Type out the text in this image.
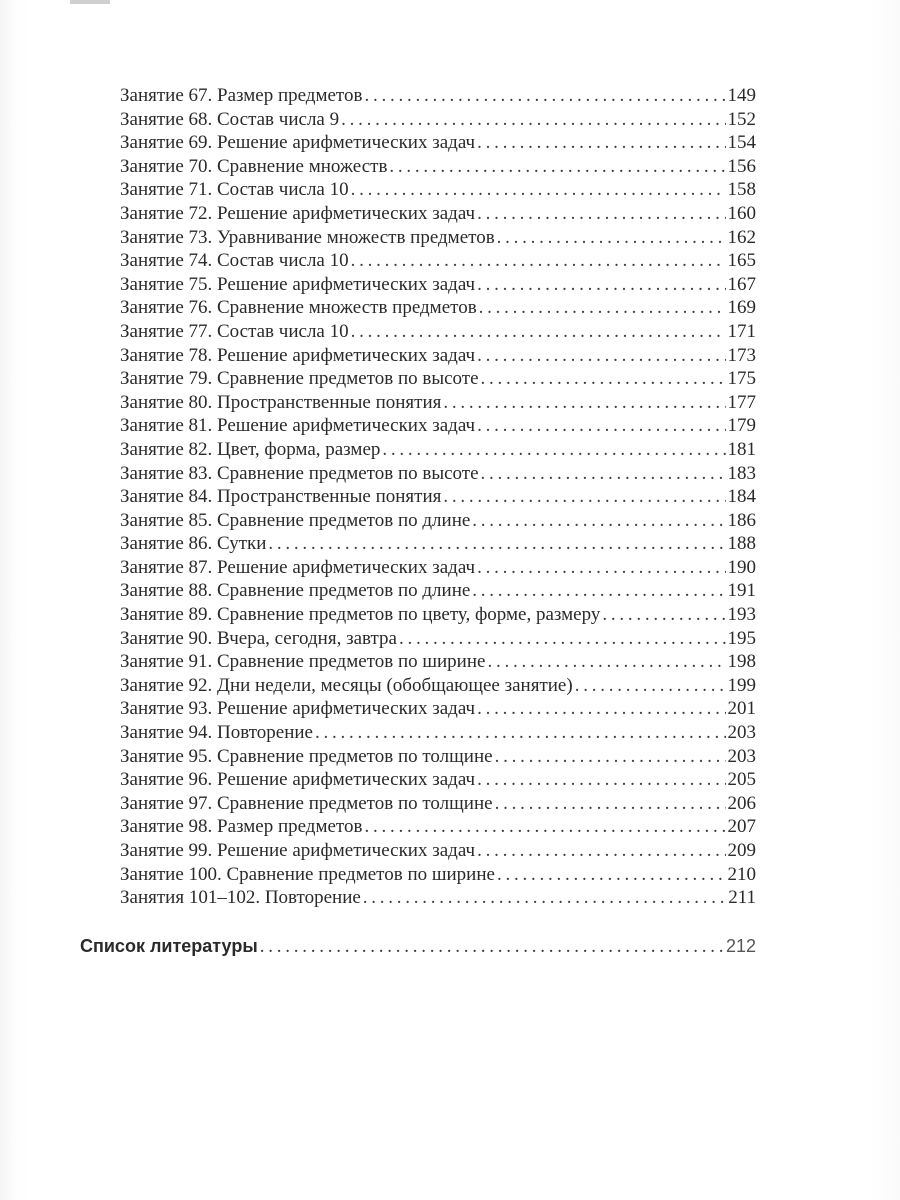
Занятие 67. Размер предметов . . .	149
Занятие 68. Состав числа 9 . . .	152
Занятие 69. Решение арифметических задач . . .	154
Занятие 70. Сравнение множеств . . .	156
Занятие 71. Состав числа 10 . . .	158
Занятие 72. Решение арифметических задач . . .	160
Занятие 73. Уравнивание множеств предметов . . .	162
Занятие 74. Состав числа 10 . . .	165
Занятие 75. Решение арифметических задач . . .	167
Занятие 76. Сравнение множеств предметов . . .	169
Занятие 77. Состав числа 10 . . .	171
Занятие 78. Решение арифметических задач . . .	173
Занятие 79. Сравнение предметов по высоте . . .	175
Занятие 80. Пространственные понятия . . .	177
Занятие 81. Решение арифметических задач . . .	179
Занятие 82. Цвет, форма, размер . . .	181
Занятие 83. Сравнение предметов по высоте . . .	183
Занятие 84. Пространственные понятия . . .	184
Занятие 85. Сравнение предметов по длине . . .	186
Занятие 86. Сутки . . .	188
Занятие 87. Решение арифметических задач . . .	190
Занятие 88. Сравнение предметов по длине . . .	191
Занятие 89. Сравнение предметов по цвету, форме, размеру . . .	193
Занятие 90. Вчера, сегодня, завтра . . .	195
Занятие 91. Сравнение предметов по ширине . . .	198
Занятие 92. Дни недели, месяцы (обобщающее занятие) . . .	199
Занятие 93. Решение арифметических задач . . .	201
Занятие 94. Повторение . . .	203
Занятие 95. Сравнение предметов по толщине . . .	203
Занятие 96. Решение арифметических задач . . .	205
Занятие 97. Сравнение предметов по толщине . . .	206
Занятие 98. Размер предметов . . .	207
Занятие 99. Решение арифметических задач . . .	209
Занятие 100. Сравнение предметов по ширине . . .	210
Занятия 101–102. Повторение . . .	211
Список литературы . . .	212
